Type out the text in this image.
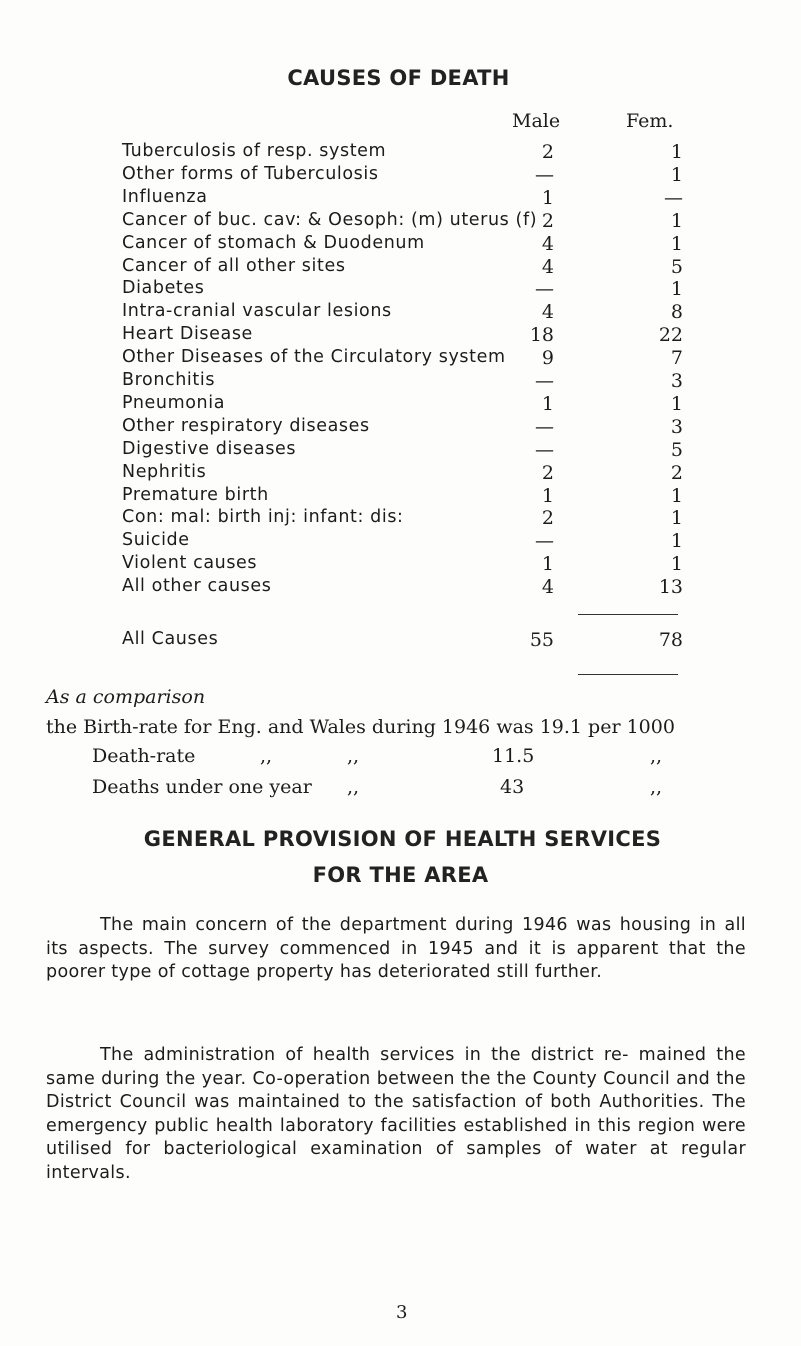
CAUSES OF DEATH
Male	Fem.
Tuberculosis of resp. system	2	1
Other forms of Tuberculosis	—	1
Influenza	1	—
Cancer of buc. cav: & Oesoph: (m) uterus (f) 2	1
Cancer of stomach & Duodenum	4	1
Cancer of all other sites	4	5
Diabetes	—	1
Intra-cranial vascular lesions	4	8
Heart Disease	18	22
Other Diseases of the Circulatory system	9	7
Bronchitis	—	3
Pneumonia	1	1
Other respiratory diseases	—	3
Digestive diseases	—	5
Nephritis	2	2
Premature birth	1	1
Con: mal: birth inj: infant: dis:	2	1
Suicide	—	1
Violent causes	1	1
All other causes	4	13
All Causes	55	78
As a comparison
the Birth-rate for Eng. and Wales during 1946 was 19.1 per 1000
Death-rate	,,	,,	11.5	,,
Deaths under one year ,,	43	,,
GENERAL PROVISION OF HEALTH SERVICES
FOR THE AREA

The main concern of the department during 1946 was housing in all its aspects. The survey commenced in 1945 and it is apparent that the poorer type of cottage property has deteriorated still further.

The administration of health services in the district re- mained the same during the year. Co-operation between the the County Council and the District Council was maintained to the satisfaction of both Authorities. The emergency public health laboratory facilities established in this region were utilised for bacteriological examination of samples of water at regular intervals.

3
